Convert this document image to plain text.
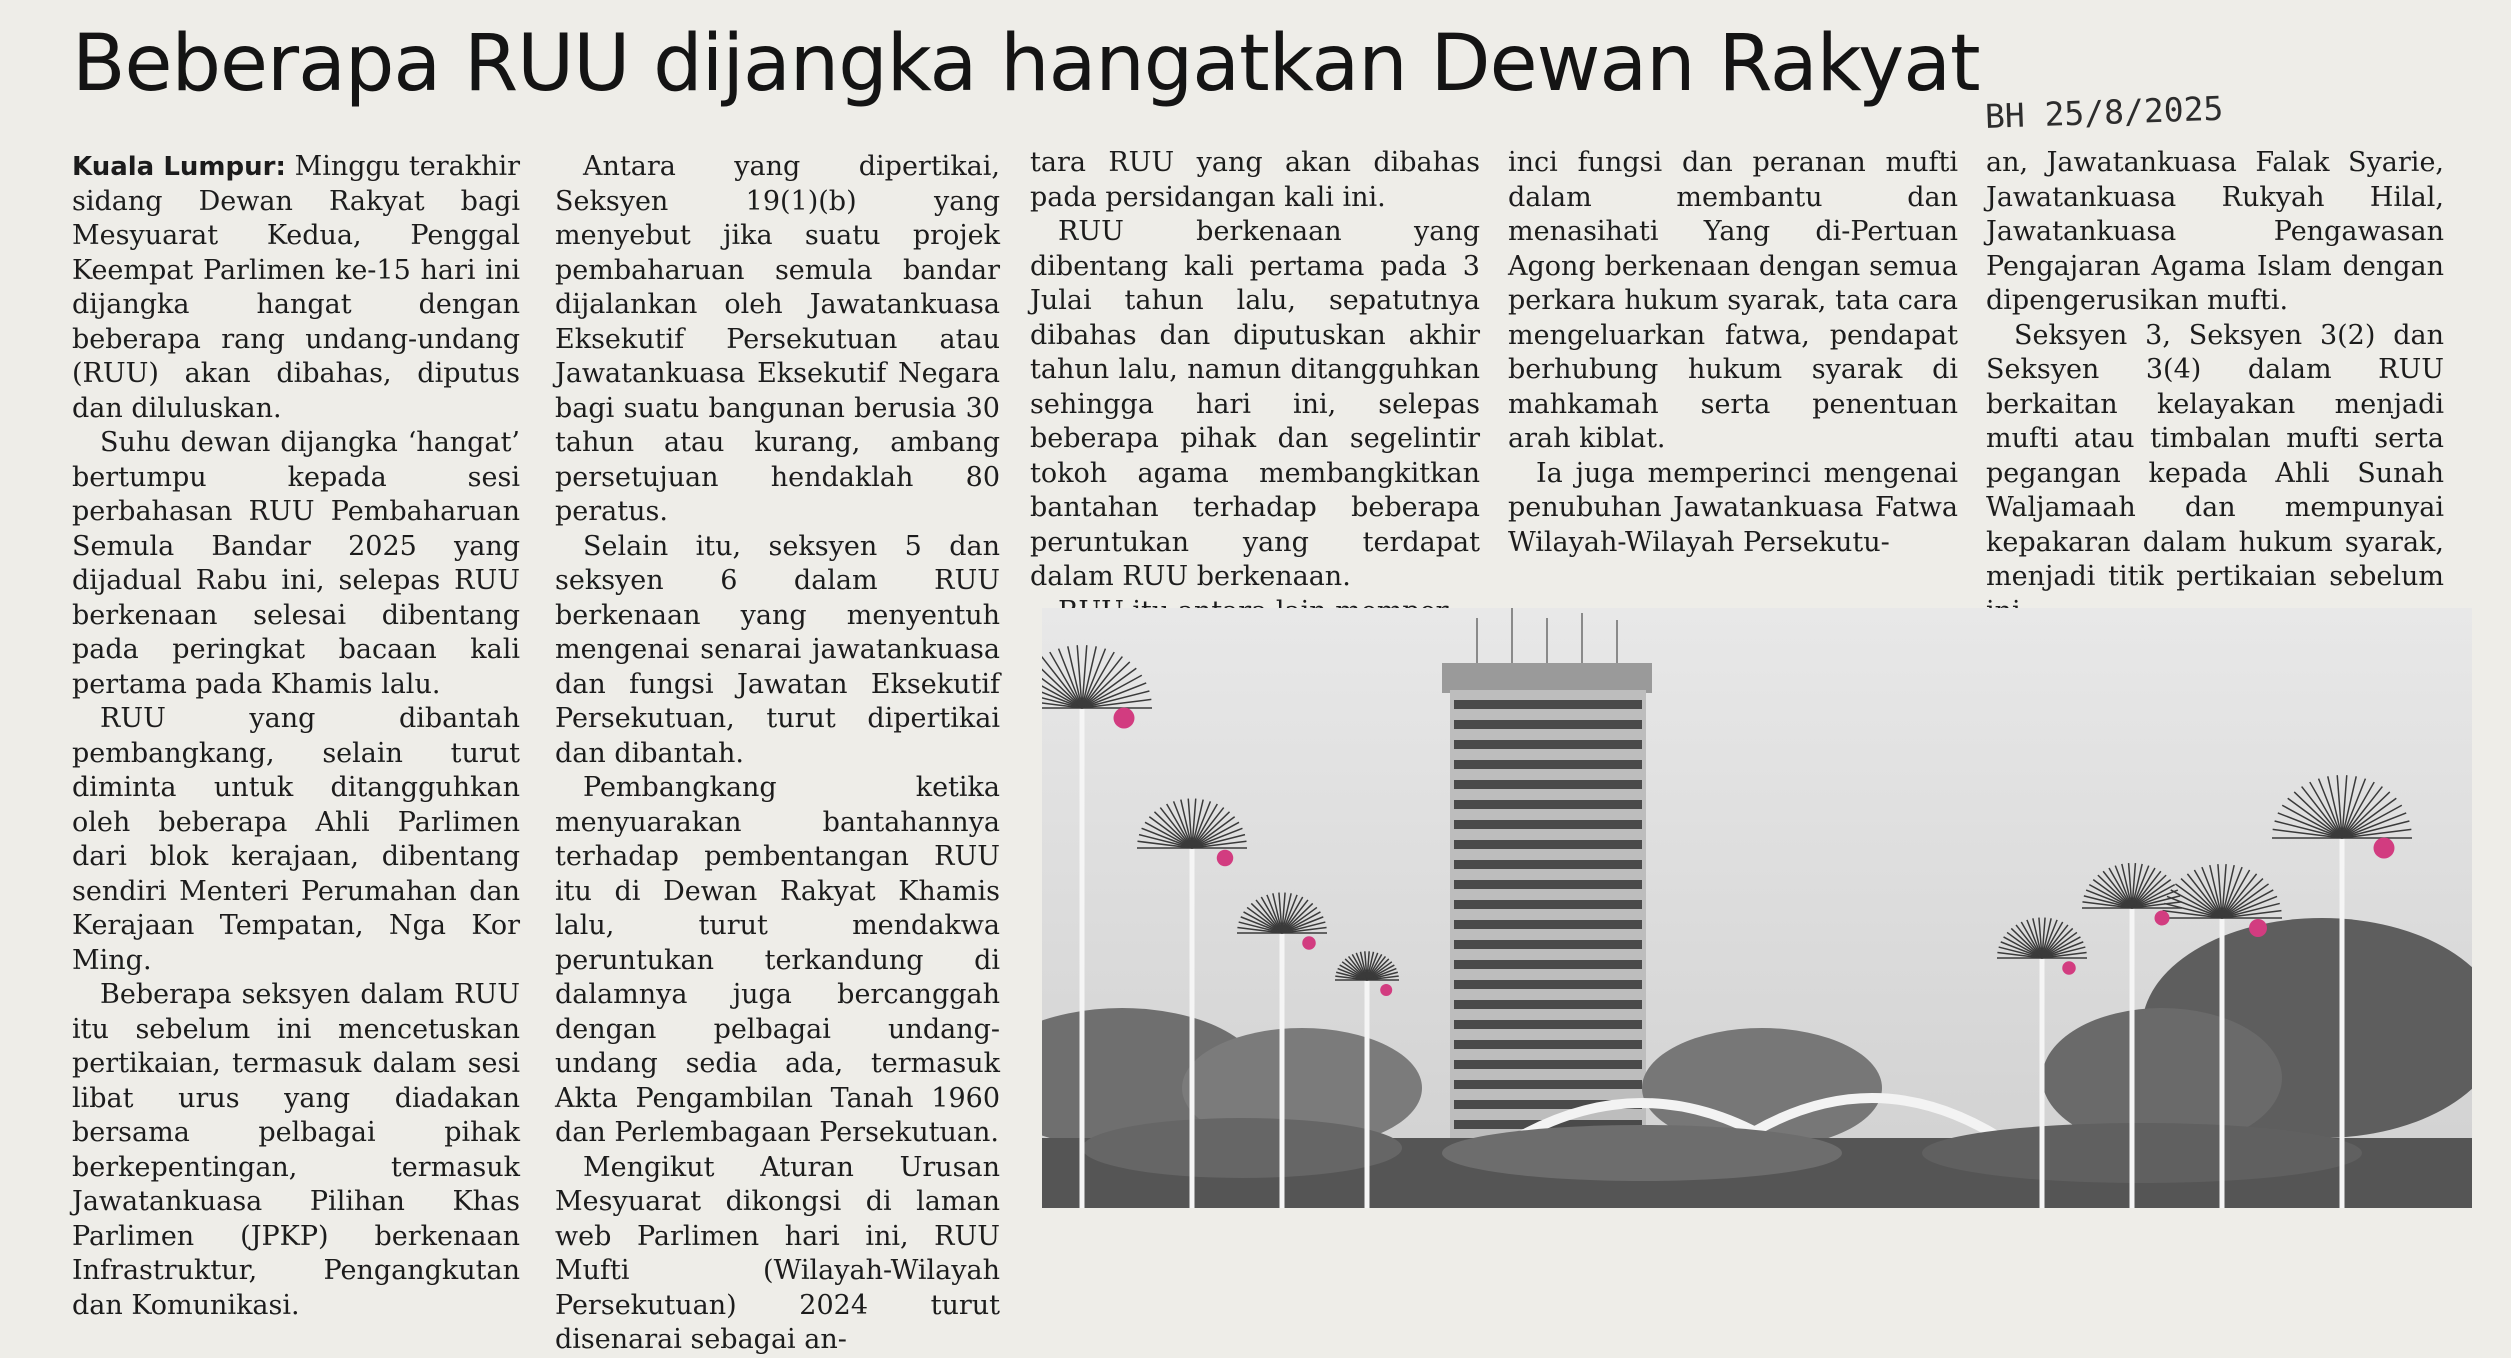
Beberapa RUU dijangka hangatkan Dewan Rakyat
BH 25/8/2025

Kuala Lumpur: Minggu terakhir sidang Dewan Rakyat bagi Mesyuarat Kedua, Penggal Keempat Parlimen ke-15 hari ini dijangka hangat dengan beberapa rang undang-undang (RUU) akan dibahas, diputus dan diluluskan.

Suhu dewan dijangka ‘hangat’ bertumpu kepada sesi perbahasan RUU Pembaharuan Semula Bandar 2025 yang dijadual Rabu ini, selepas RUU berkenaan selesai dibentang pada peringkat bacaan kali pertama pada Khamis lalu.

RUU yang dibantah pembangkang, selain turut diminta untuk ditangguhkan oleh beberapa Ahli Parlimen dari blok kerajaan, dibentang sendiri Menteri Perumahan dan Kerajaan Tempatan, Nga Kor Ming.

Beberapa seksyen dalam RUU itu sebelum ini mencetuskan pertikaian, termasuk dalam sesi libat urus yang diadakan bersama pelbagai pihak berkepentingan, termasuk Jawatankuasa Pilihan Khas Parlimen (JPKP) berkenaan Infrastruktur, Pengangkutan dan Komunikasi.

Antara yang dipertikai, Seksyen 19(1)(b) yang menyebut jika suatu projek pembaharuan semula bandar dijalankan oleh Jawatankuasa Eksekutif Persekutuan atau Jawatankuasa Eksekutif Negara bagi suatu bangunan berusia 30 tahun atau kurang, ambang persetujuan hendaklah 80 peratus.

Selain itu, seksyen 5 dan seksyen 6 dalam RUU berkenaan yang menyentuh mengenai senarai jawatankuasa dan fungsi Jawatan Eksekutif Persekutuan, turut dipertikai dan dibantah.

Pembangkang ketika menyuarakan bantahannya terhadap pembentangan RUU itu di Dewan Rakyat Khamis lalu, turut mendakwa peruntukan terkandung di dalamnya juga bercanggah dengan pelbagai undang-undang sedia ada, termasuk Akta Pengambilan Tanah 1960 dan Perlembagaan Persekutuan.

Mengikut Aturan Urusan Mesyuarat dikongsi di laman web Parlimen hari ini, RUU Mufti (Wilayah-Wilayah Persekutuan) 2024 turut disenarai sebagai an-

tara RUU yang akan dibahas pada persidangan kali ini.

RUU berkenaan yang dibentang kali pertama pada 3 Julai tahun lalu, sepatutnya dibahas dan diputuskan akhir tahun lalu, namun ditangguhkan sehingga hari ini, selepas beberapa pihak dan segelintir tokoh agama membangkitkan bantahan terhadap beberapa peruntukan yang terdapat dalam RUU berkenaan.

inci fungsi dan peranan mufti dalam membantu dan menasihati Yang di-Pertuan Agong berkenaan dengan semua perkara hukum syarak, tata cara mengeluarkan fatwa, pendapat berhubung hukum syarak di mahkamah serta penentuan arah kiblat.

Ia juga memperinci mengenai penubuhan Jawatankuasa Fatwa Wilayah-Wilayah Persekutu-

an, Jawatankuasa Falak Syarie, Jawatankuasa Rukyah Hilal, Jawatankuasa Pengawasan Pengajaran Agama Islam dengan dipengerusikan mufti.

Seksyen 3, Seksyen 3(2) dan Seksyen 3(4) dalam RUU berkaitan kelayakan menjadi mufti atau timbalan mufti serta pegangan kepada Ahli Sunah Waljamaah dan mempunyai kepakaran dalam hukum syarak, menjadi titik pertikaian sebelum
